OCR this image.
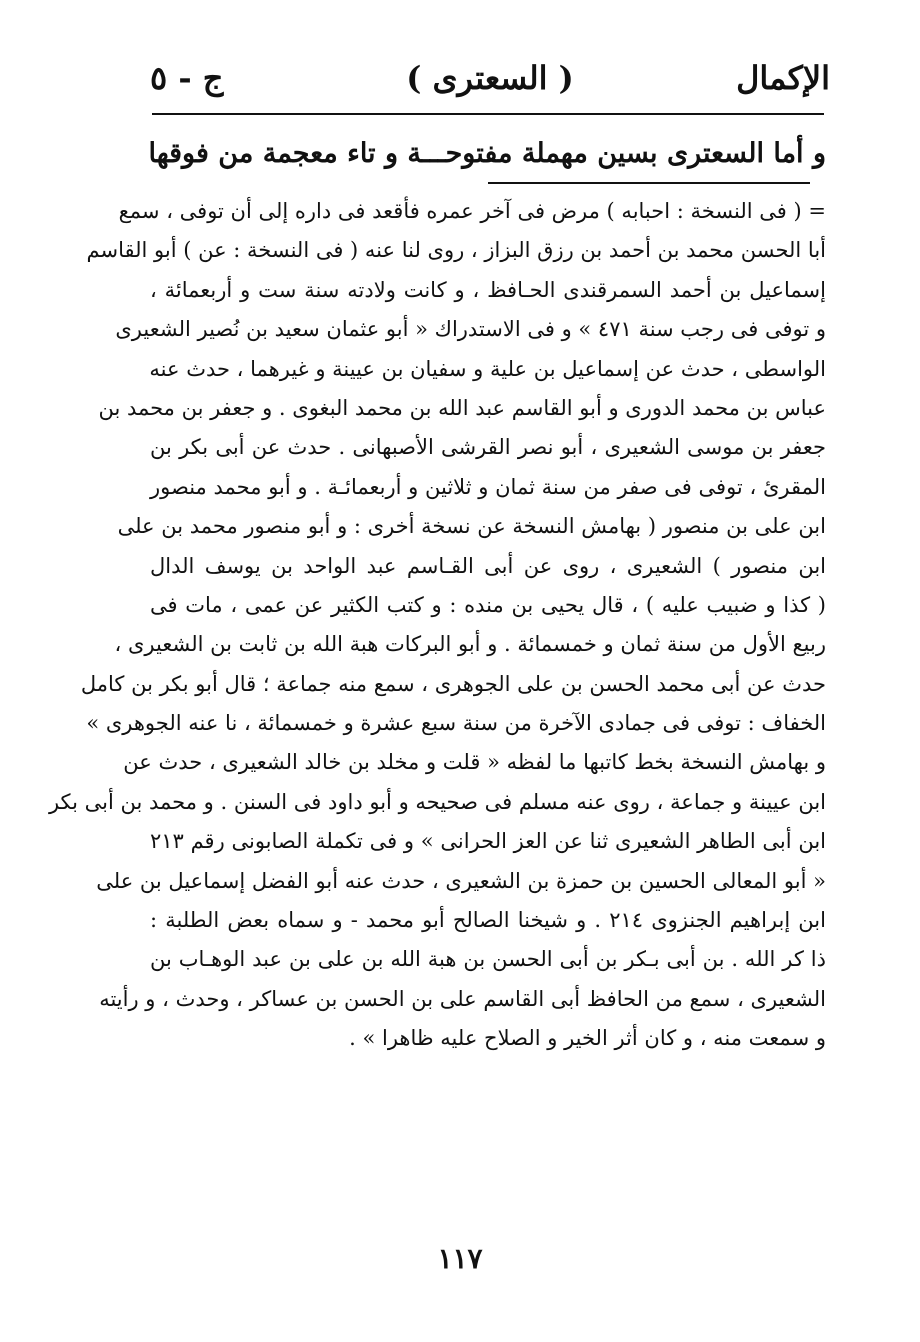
الإكمال
( السعترى )
ج - ٥
و أما السعترى بسين مهملة مفتوحـــة و تاء معجمة من فوقها
= ( فى النسخة : احبابه ) مرض فى آخر عمره فأقعد فى داره إلى أن توفى ، سمع
أبا الحسن محمد بن أحمد بن رزق البزاز ، روى لنا عنه ( فى النسخة : عن ) أبو القاسم
إسماعيل بن أحمد السمرقندى الحـافظ ، و كانت ولادته سنة ست و أربعمائة ،
و توفى فى رجب سنة ٤٧١ » و فى الاستدراك « أبو عثمان سعيد بن نُصير الشعيرى
الواسطى ، حدث عن إسماعيل بن علية و سفيان بن عيينة و غيرهما ، حدث عنه
عباس بن محمد الدورى و أبو القاسم عبد الله بن محمد البغوى . و جعفر بن محمد بن
جعفر بن موسى الشعيرى ، أبو نصر القرشى الأصبهانى . حدث عن أبى بكر بن
المقرئ ، توفى فى صفر من سنة ثمان و ثلاثين و أربعمائـة . و أبو محمد منصور
ابن على بن منصور ( بهامش النسخة عن نسخة أخرى : و أبو منصور محمد بن على
ابن منصور ) الشعيرى ، روى عن أبى القـاسم عبد الواحد بن يوسف الدال
( كذا و ضبيب عليه ) ، قال يحيى بن منده : و كتب الكثير عن عمى ، مات فى
ربيع الأول من سنة ثمان و خمسمائة . و أبو البركات هبة الله بن ثابت بن الشعيرى ،
حدث عن أبى محمد الحسن بن على الجوهرى ، سمع منه جماعة ؛ قال أبو بكر بن كامل
الخفاف : توفى فى جمادى الآخرة من سنة سبع عشرة و خمسمائة ، نا عنه الجوهرى »
و بهامش النسخة بخط كاتبها ما لفظه « قلت و مخلد بن خالد الشعيرى ، حدث عن
ابن عيينة و جماعة ، روى عنه مسلم فى صحيحه و أبو داود فى السنن . و محمد بن أبى بكر
ابن أبى الطاهر الشعيرى ثنا عن العز الحرانى » و فى تكملة الصابونى رقم ٢١٣
« أبو المعالى الحسين بن حمزة بن الشعيرى ، حدث عنه أبو الفضل إسماعيل بن على
ابن إبراهيم الجنزوى ٢١٤ . و شيخنا الصالح أبو محمد - و سماه بعض الطلبة :
ذا كر الله . بن أبى بـكر بن أبى الحسن بن هبة الله بن على بن عبد الوهـاب بن
الشعيرى ، سمع من الحافظ أبى القاسم على بن الحسن بن عساكر ، وحدث ، و رأيته
و سمعت منه ، و كان أثر الخير و الصلاح عليه ظاهرا » .
١١٧
